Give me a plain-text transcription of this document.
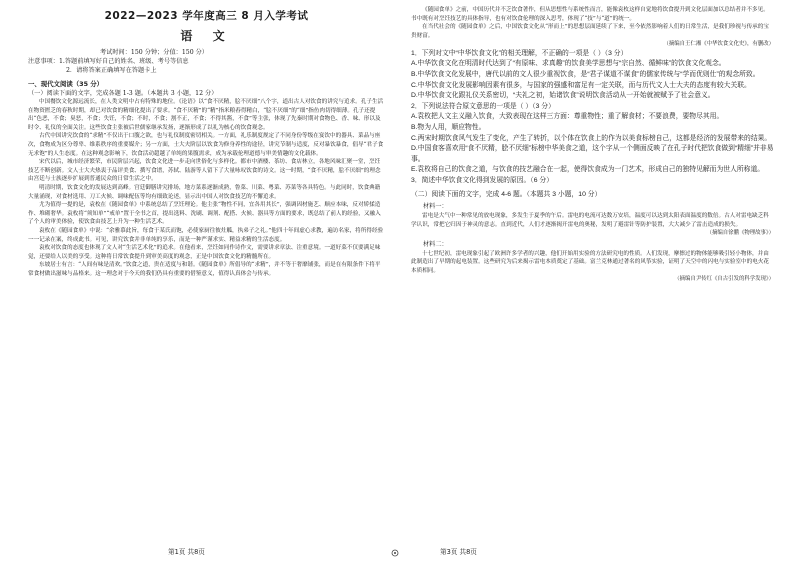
2022—2023 学年度高三 8 月入学考试
语 文
考试时间：150 分钟；分值：150 分）
注意事项：1.答题前填写好自己的姓名、班级、考号等信息
2．请将答案正确填写在答题卡上
一、现代文阅读（35 分）
（一）阅读下面的文字，完成各题 1-3 题。（本题共 3 小题，12 分）

中国餐饮文化源远流长，在人类文明中占有特殊的地位。《论语》以“食不厌精，脍不厌细”八个字，道出古人对饮食的讲究与追求。孔子生活在物资匮乏的春秋时期，却已对饮食的精细化提出了要求。“食不厌精”的“精”指米粮舂得精白，“脍不厌细”的“细”指鱼肉切得细薄。孔子还提出“色恶，不食；臭恶，不食；失饪，不食；不时，不食；割不正，不食；不得其酱，不食”等主张，体现了先秦时期对食物色、香、味、形以及时令、礼仪的全面关注。这些饮食主张被后世儒家继承发扬，逐渐形成了以礼为核心的饮食观念。

古代中国讲究饮食的“求精”不仅出于口腹之欲，也与礼仪制度密切相关。一方面，礼乐制度规定了不同身份等级在宴饮中的器具、菜品与座次，食物成为区分尊卑、维系秩序的重要媒介；另一方面，士大夫阶层以饮食为修身养性的途径，讲究节制与适度，反对暴饮暴食，倡导“君子食无求饱”的人生态度。在这种观念影响下，饮食活动超越了单纯的果腹需求，成为承载伦理道德与审美情趣的文化载体。

宋代以后，城市经济繁荣，市民阶层兴起，饮食文化进一步走向世俗化与多样化。都市中酒楼、茶坊、食店林立，各地风味汇聚一堂，烹饪技艺不断创新。文人士大夫热衷于品评美食、撰写食谱，苏轼、陆游等人留下了大量咏叹饮食的诗文。这一时期，“食不厌精，脍不厌细”的理念由宫廷与士族逐步扩展到普通民众的日常生活之中。

明清时期，饮食文化的发展达到高峰。宫廷御膳讲究排场，地方菜系逐渐成熟，鲁菜、川菜、粤菜、苏菜等各具特色。与此同时，饮食典籍大量涌现，对食材选用、刀工火候、调味配伍等均有细致论述，显示出中国人对饮食技艺的不懈追求。

尤为值得一提的是，袁枚在《随园食单》中系统总结了烹饪理论。他主张“物性不同，宜各用其长”，强调因材施艺、顺应本味，反对矫揉造作、堆砌奢华。袁枚将“须知单”“戒单”置于全书之首，提出选料、洗刷、调剂、配搭、火候、器具等方面的要求，既总结了前人的经验，又融入了个人的审美体验，使饮食由技艺上升为一种生活艺术。

袁枚在《随园食单》中说：“余雅慕此旨，每食于某氏而饱，必使家厨往彼灶觚，执弟子之礼。”他四十年间虚心求教，遍访名家，将所得经验一一记录在案，终成此书。可见，讲究饮食并非单纯的享乐，而是一种严谨求实、精益求精的生活态度。

袁枚对饮食的态度也体现了文人对“生活艺术化”的追求。在他看来，烹饪如同作诗作文，需要讲求章法、注重意境。一道好菜不仅要满足味觉，还要给人以美的享受。这种将日常饮食提升到审美高度的观念，正是中国饮食文化的精髓所在。

东坡居士有言：“人间有味是清欢。”饮食之道，贵在适度与和谐。《随园食单》所倡导的“求精”，并不等于奢靡铺张，而是在有限条件下将平常食材做出滋味与品格来。这一理念对于今天的我们仍具有重要的借鉴意义，值得认真体会与传承。

《随园食单》之前，中国历代并不乏饮食著作，但从思想性与系统性而言，能像袁枚这样自觉地将饮食提升到文化层面加以总结者并不多见。书中既有对烹饪技艺的具体指导，也有对饮食伦理的深入思考，体现了“技”与“道”的统一。

在当代社会的《随园食单》之后，中国饮食文化从“形而上”的思想层面延续了下来，至今依然影响着人们的日常生活，是我们珍视与传承的宝贵财富。

（摘编自王仁湘《中华饮食文化史》，有删改）

1．下列对文中“中华饮食文化”的相关理解，不正确的一项是（ ）（3 分）

A.中华饮食文化在明清时代达到了“有原味、求真趣”的饮食美学思想与“宗自然、循鲜味”的饮食文化观念。

B.中华饮食文化发展中，唐代以前的文人很少重视饮食，是“君子谋道不谋食”的儒家传统与“学而优则仕”的观念所致。

C.中华饮食文化发展影响因素有很多，与国家的强盛和富足有一定关联，而与历代文人士大夫的态度有较大关联。

D.中华饮食文化跟礼仪关系密切，“夫礼之初，始诸饮食”说明饮食活动从一开始就被赋予了社会意义。

2．下列说法符合原文意思的一项是（ ）（3 分）

A.袁枚把人文主义融入饮食，大致表现在这样三方面：尊重物性；重了解食材；不要浪费，要物尽其用。

B.物为人用，顺应物性。

C.两宋时期饮食风气发生了变化，产生了转折，以个体在饮食上的作为以美食标榜自己，这都是经济的发展带来的结果。

D.中国食客喜欢用“食不厌精，脍不厌细”标榜中华美食之道，这个字从一个侧面反映了在孔子时代把饮食做到“精细”并非易事。

E.袁枚将自己的饮食之道，与饮食的技艺融合在一起，使得饮食成为一门艺术，形成自己的独特见解而为世人所称道。

3．简述中华饮食文化得到发展的原因。（6 分）

（二）阅读下面的文字，完成 4-6 题。（本题共 3 小题，10 分）
材料一：

雷电是大气中一种常见的放电现象，多发生于夏季的午后。雷电的电流可达数万安培，温度可以达到太阳表面温度的数倍。古人对雷电缺乏科学认识，常把它归因于神灵的意志。直到近代，人们才逐渐揭开雷电的奥秘，发明了避雷针等防护装置，大大减少了雷击造成的损失。

（摘编自徐鹏《物理故事》）
材料二：

十七世纪初，雷电现象引起了欧洲许多学者的兴趣，他们开始用实验的方法研究电的性质。人们发现，摩擦过的物体能够吸引轻小物体，并由此制造出了早期的起电装置。这些研究为后来揭示雷电本质奠定了基础。富兰克林通过著名的风筝实验，证明了天空中的闪电与实验室中的电火花本质相同。

（摘编自尹传红《自古引发的科学发现》）
第1页 共8页	第3页 共8页
